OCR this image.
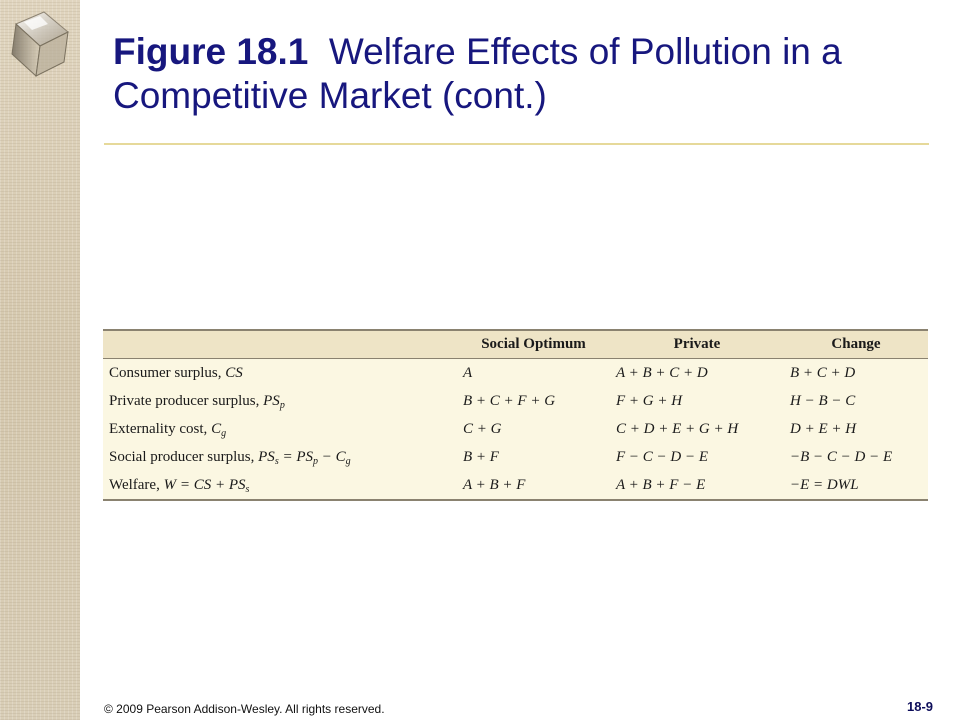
Figure 18.1 Welfare Effects of Pollution in a Competitive Market (cont.)
	Social Optimum	Private	Change
Consumer surplus, CS	A	A + B + C + D	B + C + D
Private producer surplus, $PS_p$	B + C + F + G	F + G + H	H − B − C
Externality cost, $C_g$	C + G	C + D + E + G + H	D + E + H
Social producer surplus, $PS_s = PS_p - C_g$	B + F	F − C − D − E	−B − C − D − E
Welfare, W = CS + $PS_s$	A + B + F	A + B + F − E	−E = DWL
© 2009 Pearson Addison-Wesley. All rights reserved.	18-9
